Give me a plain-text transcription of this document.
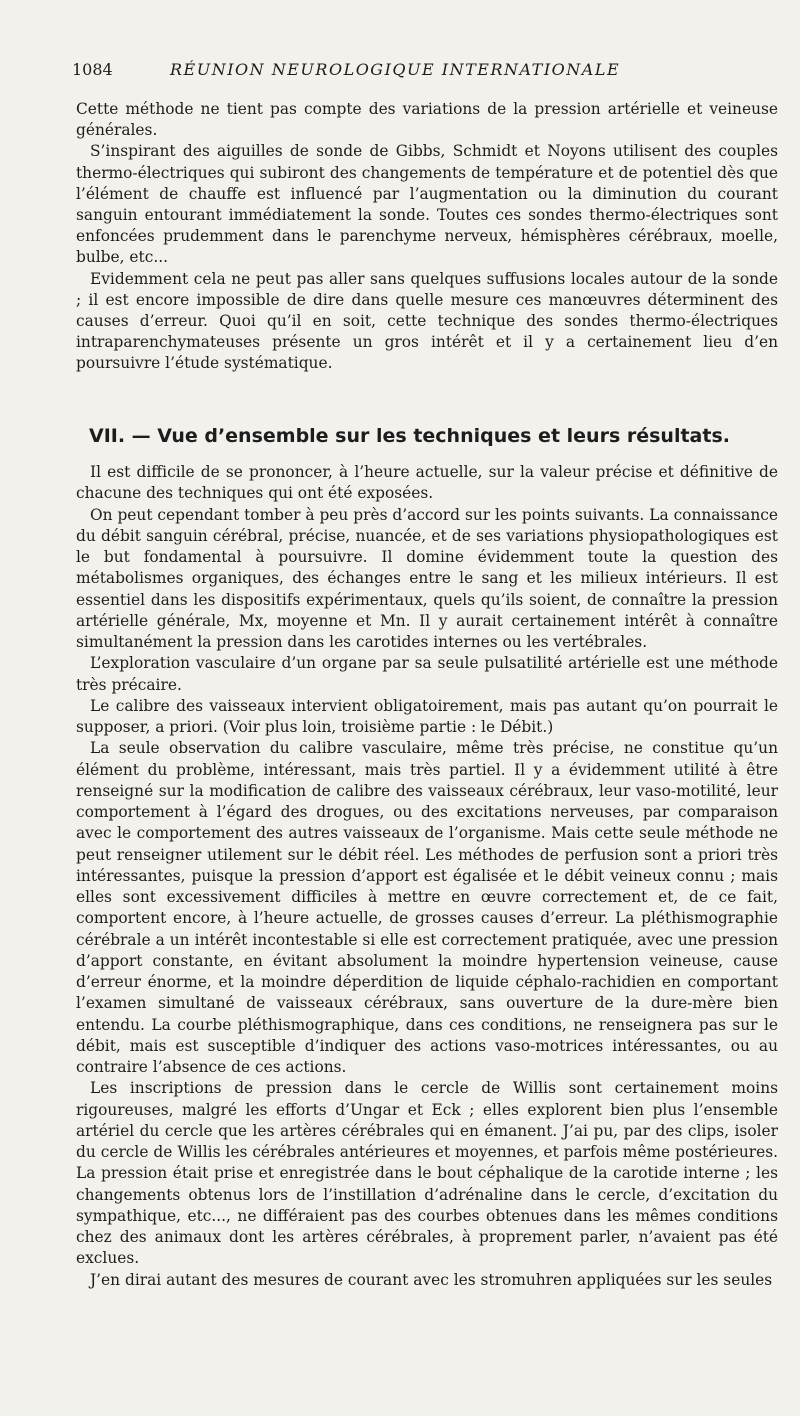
1084	RÉUNION NEUROLOGIQUE INTERNATIONALE

Cette méthode ne tient pas compte des variations de la pression artérielle et veineuse générales.

S’inspirant des aiguilles de sonde de Gibbs, Schmidt et Noyons utilisent des couples thermo-électriques qui subiront des changements de température et de potentiel dès que l’élément de chauffe est influencé par l’augmentation ou la diminution du courant sanguin entourant immédiatement la sonde. Toutes ces sondes thermo-électriques sont enfoncées prudemment dans le parenchyme nerveux, hémisphères cérébraux, moelle, bulbe, etc...

Evidemment cela ne peut pas aller sans quelques suffusions locales autour de la sonde ; il est encore impossible de dire dans quelle mesure ces manœuvres déterminent des causes d’erreur. Quoi qu’il en soit, cette technique des sondes thermo-électriques intraparenchymateuses présente un gros intérêt et il y a certainement lieu d’en poursuivre l’étude systématique.

VII. — Vue d’ensemble sur les techniques et leurs résultats.

Il est difficile de se prononcer, à l’heure actuelle, sur la valeur précise et définitive de chacune des techniques qui ont été exposées.

On peut cependant tomber à peu près d’accord sur les points suivants. La connaissance du débit sanguin cérébral, précise, nuancée, et de ses variations physiopathologiques est le but fondamental à poursuivre. Il domine évidemment toute la question des métabolismes organiques, des échanges entre le sang et les milieux intérieurs. Il est essentiel dans les dispositifs expérimentaux, quels qu’ils soient, de connaître la pression artérielle générale, Mx, moyenne et Mn. Il y aurait certainement intérêt à connaître simultanément la pression dans les carotides internes ou les vertébrales.

L’exploration vasculaire d’un organe par sa seule pulsatilité artérielle est une méthode très précaire.

Le calibre des vaisseaux intervient obligatoirement, mais pas autant qu’on pourrait le supposer, a priori. (Voir plus loin, troisième partie : le Débit.)

La seule observation du calibre vasculaire, même très précise, ne constitue qu’un élément du problème, intéressant, mais très partiel. Il y a évidemment utilité à être renseigné sur la modification de calibre des vaisseaux cérébraux, leur vaso-motilité, leur comportement à l’égard des drogues, ou des excitations nerveuses, par comparaison avec le comportement des autres vaisseaux de l’organisme. Mais cette seule méthode ne peut renseigner utilement sur le débit réel. Les méthodes de perfusion sont a priori très intéressantes, puisque la pression d’apport est égalisée et le débit veineux connu ; mais elles sont excessivement difficiles à mettre en œuvre correctement et, de ce fait, comportent encore, à l’heure actuelle, de grosses causes d’erreur. La pléthismographie cérébrale a un intérêt incontestable si elle est correctement pratiquée, avec une pression d’apport constante, en évitant absolument la moindre hypertension veineuse, cause d’erreur énorme, et la moindre déperdition de liquide céphalo-rachidien en comportant l’examen simultané de vaisseaux cérébraux, sans ouverture de la dure-mère bien entendu. La courbe pléthismographique, dans ces conditions, ne renseignera pas sur le débit, mais est susceptible d’indiquer des actions vaso-motrices intéressantes, ou au contraire l’absence de ces actions.

Les inscriptions de pression dans le cercle de Willis sont certainement moins rigoureuses, malgré les efforts d’Ungar et Eck ; elles explorent bien plus l’ensemble artériel du cercle que les artères cérébrales qui en émanent. J’ai pu, par des clips, isoler du cercle de Willis les cérébrales antérieures et moyennes, et parfois même postérieures. La pression était prise et enregistrée dans le bout céphalique de la carotide interne ; les changements obtenus lors de l’instillation d’adrénaline dans le cercle, d’excitation du sympathique, etc..., ne différaient pas des courbes obtenues dans les mêmes conditions chez des animaux dont les artères cérébrales, à proprement parler, n’avaient pas été exclues.

J’en dirai autant des mesures de courant avec les stromuhren appliquées sur les seules
